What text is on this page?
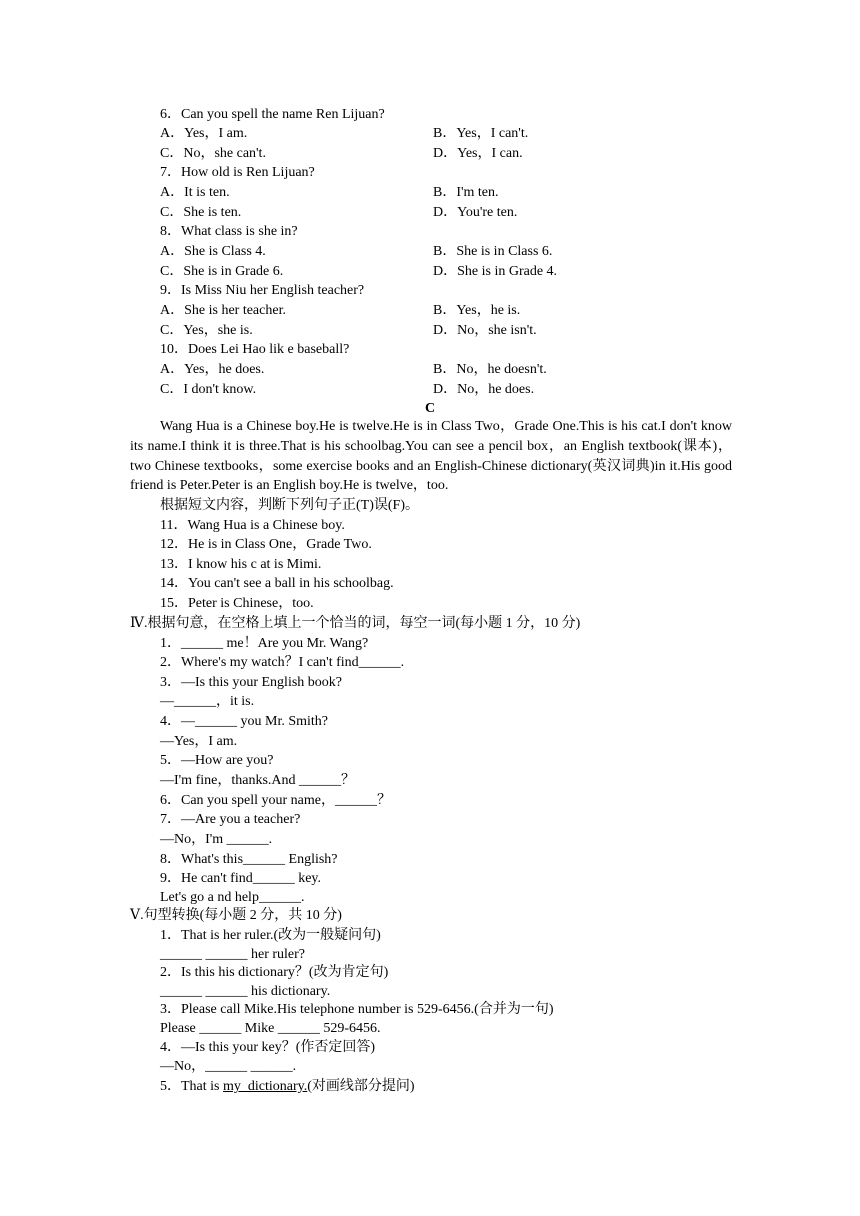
6．Can you spell the name Ren Lijuan?
A．Yes，I am.	B．Yes，I can't.
C．No，she can't.	D．Yes，I can.
7．How old is Ren Lijuan?
A．It is ten.	B．I'm ten.
C．She is ten.	D．You're ten.
8．What class is she in?
A．She is Class 4.	B．She is in Class 6.
C．She is in Grade 6.	D．She is in Grade 4.
9．Is Miss Niu her English teacher?
A．She is her teacher.	B．Yes，he is.
C．Yes，she is.	D．No，she isn't.
10．Does Lei Hao lik e baseball?
A．Yes，he does.	B．No，he doesn't.
C．I don't know.	D．No，he does.
C
Wang Hua is a Chinese boy.He is twelve.He is in Class Two，Grade One.This is his cat.I don't know its name.I think it is three.That is his schoolbag.You can see a pencil box，an English textbook(课本)，two Chinese textbooks，some exercise books and an English-Chinese dictionary(英汉词典)in it.His good friend is Peter.Peter is an English boy.He is twelve，too.
根据短文内容，判断下列句子正(T)误(F)。
11．Wang Hua is a Chinese boy.
12．He is in Class One，Grade Two.
13．I know his c at is Mimi.
14．You can't see a ball in his schoolbag.
15．Peter is Chinese，too.
Ⅳ.根据句意，在空格上填上一个恰当的词，每空一词(每小题 1 分，10 分)
1．______ me！Are you Mr. Wang?
2．Where's my watch？I can't find______.
3．—Is this your English book?
—______，it is.
4．—______ you Mr. Smith?
—Yes，I am.
5．—How are you?
—I'm fine，thanks.And ______？
6．Can you spell your name，______？
7．—Are you a teacher?
—No，I'm ______.
8．What's this______ English?
9．He can't find______ key.
Let's go a nd help______.
Ⅴ.句型转换(每小题 2 分，共 10 分)
1．That is her ruler.(改为一般疑问句)
______ ______ her ruler?
2．Is this his dictionary？(改为肯定句)
______ ______ his dictionary.
3．Please call Mike.His telephone number is 529-6456.(合并为一句)
Please ______ Mike ______ 529-6456.
4．—Is this your key？(作否定回答)
—No，______ ______.
5．That is my  dictionary.(对画线部分提问)
